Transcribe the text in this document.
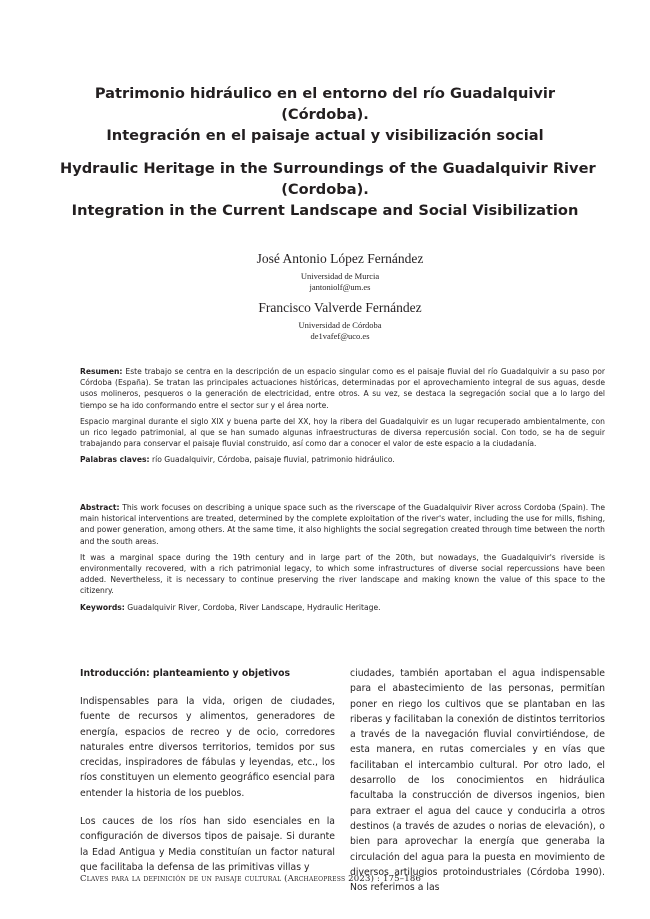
Patrimonio hidráulico en el entorno del río Guadalquivir
(Córdoba).
Integración en el paisaje actual y visibilización social
Hydraulic Heritage in the Surroundings of the Guadalquivir River
(Cordoba).
Integration in the Current Landscape and Social Visibilization
José Antonio López Fernández
Universidad de Murcia
jantoniolf@um.es
Francisco Valverde Fernández
Universidad de Córdoba
de1vafef@uco.es

Resumen: Este trabajo se centra en la descripción de un espacio singular como es el paisaje fluvial del río Guadalquivir a su paso por Córdoba (España). Se tratan las principales actuaciones históricas, determinadas por el aprovechamiento integral de sus aguas, desde usos molineros, pesqueros o la generación de electricidad, entre otros. A su vez, se destaca la segregación social que a lo largo del tiempo se ha ido conformando entre el sector sur y el área norte.

Espacio marginal durante el siglo XIX y buena parte del XX, hoy la ribera del Guadalquivir es un lugar recuperado ambientalmente, con un rico legado patrimonial, al que se han sumado algunas infraestructuras de diversa repercusión social. Con todo, se ha de seguir trabajando para conservar el paisaje fluvial construido, así como dar a conocer el valor de este espacio a la ciudadanía.

Palabras claves: río Guadalquivir, Córdoba, paisaje fluvial, patrimonio hidráulico.

Abstract: This work focuses on describing a unique space such as the riverscape of the Guadalquivir River across Cordoba (Spain). The main historical interventions are treated, determined by the complete exploitation of the river's water, including the use for mills, fishing, and power generation, among others. At the same time, it also highlights the social segregation created through time between the north and the south areas.

It was a marginal space during the 19th century and in large part of the 20th, but nowadays, the Guadalquivir's riverside is environmentally recovered, with a rich patrimonial legacy, to which some infrastructures of diverse social repercussions have been added. Nevertheless, it is necessary to continue preserving the river landscape and making known the value of this space to the citizenry.

Keywords: Guadalquivir River, Cordoba, River Landscape, Hydraulic Heritage.

Introducción: planteamiento y objetivos

Indispensables para la vida, origen de ciudades, fuente de recursos y alimentos, generadores de energía, espacios de recreo y de ocio, corredores naturales entre diversos territorios, temidos por sus crecidas, inspiradores de fábulas y leyendas, etc., los ríos constituyen un elemento geográfico esencial para entender la historia de los pueblos.

Los cauces de los ríos han sido esenciales en la configuración de diversos tipos de paisaje. Si durante la Edad Antigua y Media constituían un factor natural que facilitaba la defensa de las primitivas villas y

ciudades, también aportaban el agua indispensable para el abastecimiento de las personas, permitían poner en riego los cultivos que se plantaban en las riberas y facilitaban la conexión de distintos territorios a través de la navegación fluvial convirtiéndose, de esta manera, en rutas comerciales y en vías que facilitaban el intercambio cultural. Por otro lado, el desarrollo de los conocimientos en hidráulica facultaba la construcción de diversos ingenios, bien para extraer el agua del cauce y conducirla a otros destinos (a través de azudes o norias de elevación), o bien para aprovechar la energía que generaba la circulación del agua para la puesta en movimiento de diversos artilugios protoindustriales (Córdoba 1990). Nos referimos a las

Claves para la definición de un paisaje cultural (Archaeopress 2023) : 175–186
